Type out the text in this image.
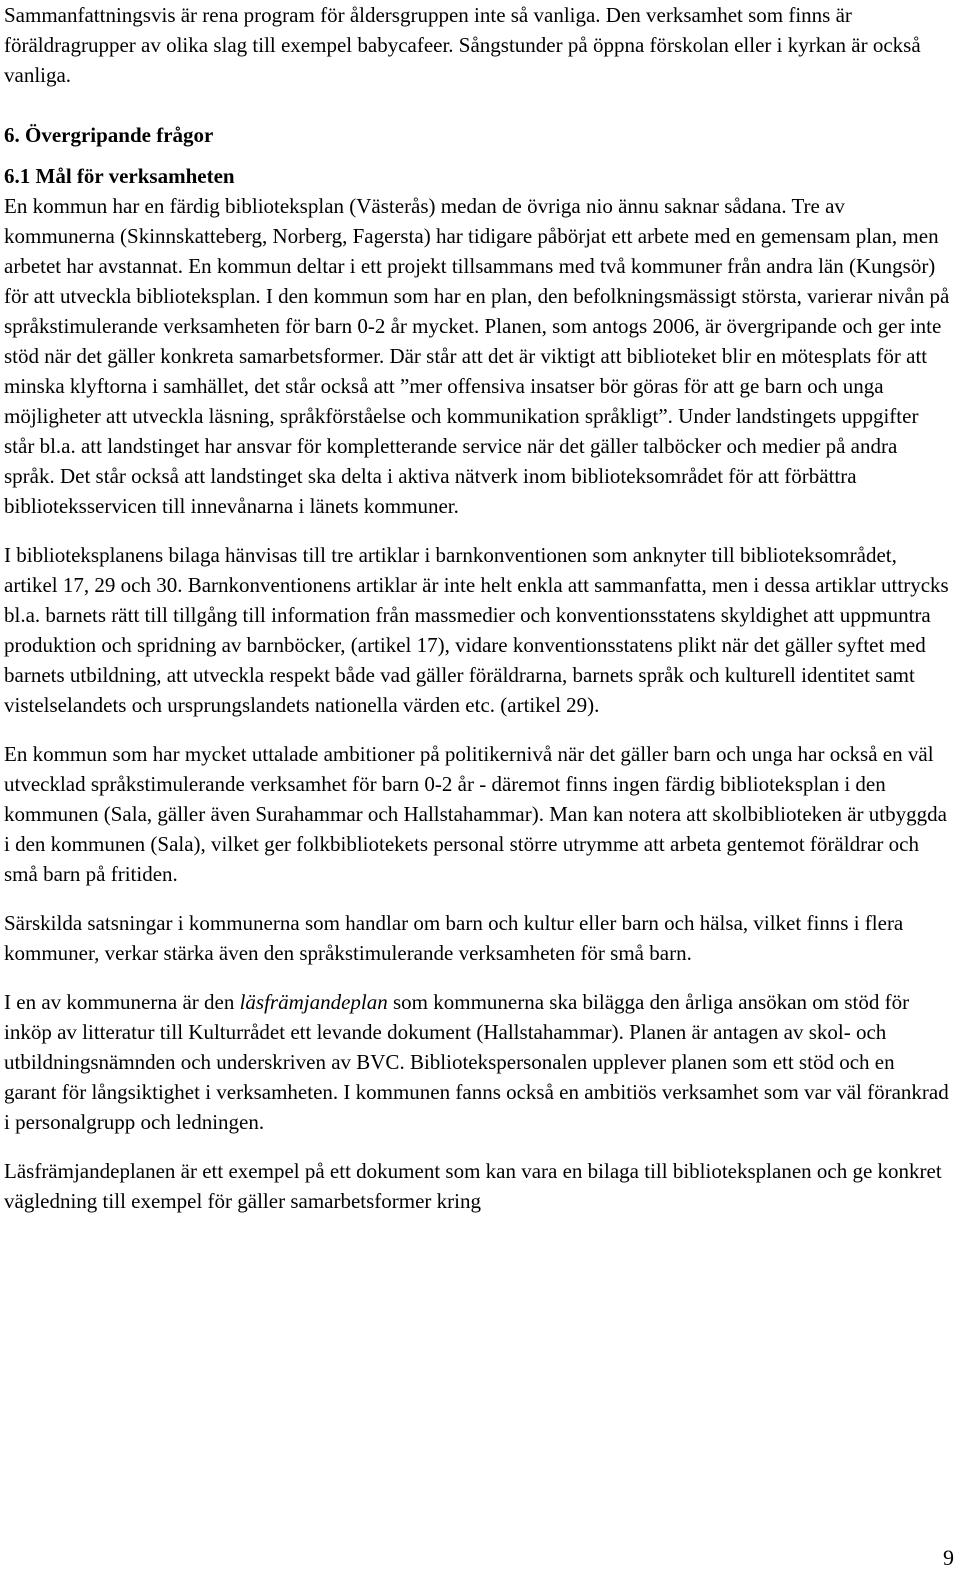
Sammanfattningsvis är rena program för åldersgruppen inte så vanliga. Den verksamhet som finns är föräldragrupper av olika slag till exempel babycafeer. Sångstunder på öppna förskolan eller i kyrkan är också vanliga.

6. Övergripande frågor

6.1 Mål för verksamheten

En kommun har en färdig biblioteksplan (Västerås) medan de övriga nio ännu saknar sådana. Tre av kommunerna (Skinnskatteberg, Norberg, Fagersta) har tidigare påbörjat ett arbete med en gemensam plan, men arbetet har avstannat. En kommun deltar i ett projekt tillsammans med två kommuner från andra län (Kungsör) för att utveckla biblioteksplan. I den kommun som har en plan, den befolkningsmässigt största, varierar nivån på språkstimulerande verksamheten för barn 0-2 år mycket. Planen, som antogs 2006, är övergripande och ger inte stöd när det gäller konkreta samarbetsformer. Där står att det är viktigt att biblioteket blir en mötesplats för att minska klyftorna i samhället, det står också att ”mer offensiva insatser bör göras för att ge barn och unga möjligheter att utveckla läsning, språkförståelse och kommunikation språkligt”. Under landstingets uppgifter står bl.a. att landstinget har ansvar för kompletterande service när det gäller talböcker och medier på andra språk. Det står också att landstinget ska delta i aktiva nätverk inom biblioteksområdet för att förbättra biblioteksservicen till innevånarna i länets kommuner.

I biblioteksplanens bilaga hänvisas till tre artiklar i barnkonventionen som anknyter till biblioteksområdet, artikel 17, 29 och 30. Barnkonventionens artiklar är inte helt enkla att sammanfatta, men i dessa artiklar uttrycks bl.a. barnets rätt till tillgång till information från massmedier och konventionsstatens skyldighet att uppmuntra produktion och spridning av barnböcker, (artikel 17), vidare konventionsstatens plikt när det gäller syftet med barnets utbildning, att utveckla respekt både vad gäller föräldrarna, barnets språk och kulturell identitet samt vistelselandets och ursprungslandets nationella värden etc. (artikel 29).

En kommun som har mycket uttalade ambitioner på politikernivå när det gäller barn och unga har också en väl utvecklad språkstimulerande verksamhet för barn 0-2 år - däremot finns ingen färdig biblioteksplan i den kommunen (Sala, gäller även Surahammar och Hallstahammar). Man kan notera att skolbiblioteken är utbyggda i den kommunen (Sala), vilket ger folkbibliotekets personal större utrymme att arbeta gentemot föräldrar och små barn på fritiden.

Särskilda satsningar i kommunerna som handlar om barn och kultur eller barn och hälsa, vilket finns i flera kommuner, verkar stärka även den språkstimulerande verksamheten för små barn.

I en av kommunerna är den läsfrämjandeplan som kommunerna ska bilägga den årliga ansökan om stöd för inköp av litteratur till Kulturrådet ett levande dokument (Hallstahammar). Planen är antagen av skol- och utbildningsnämnden och underskriven av BVC. Bibliotekspersonalen upplever planen som ett stöd och en garant för långsiktighet i verksamheten. I kommunen fanns också en ambitiös verksamhet som var väl förankrad i personalgrupp och ledningen.

Läsfrämjandeplanen är ett exempel på ett dokument som kan vara en bilaga till biblioteksplanen och ge konkret vägledning till exempel för gäller samarbetsformer kring

9
